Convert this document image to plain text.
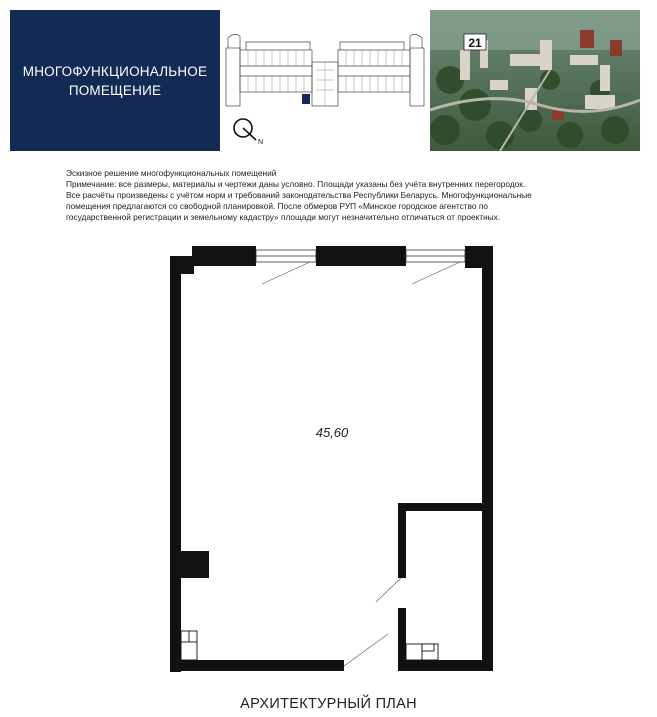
МНОГОФУНКЦИОНАЛЬНОЕ
ПОМЕЩЕНИЕ
N
21
Эскизное решение многофункциональных помещений
Примечание: все размеры, материалы и чертежи даны условно. Площади указаны без учёта внутренних перегородок.
Все расчёты произведены с учётом норм и требований законодательства Республики Беларусь. Многофункциональные
помещения предлагаются со свободной планировкой. После обмеров РУП «Минское городское агентство по
государственной регистрации и земельному кадастру» площади могут незначительно отличаться от проектных.
45,60
АРХИТЕКТУРНЫЙ ПЛАН
